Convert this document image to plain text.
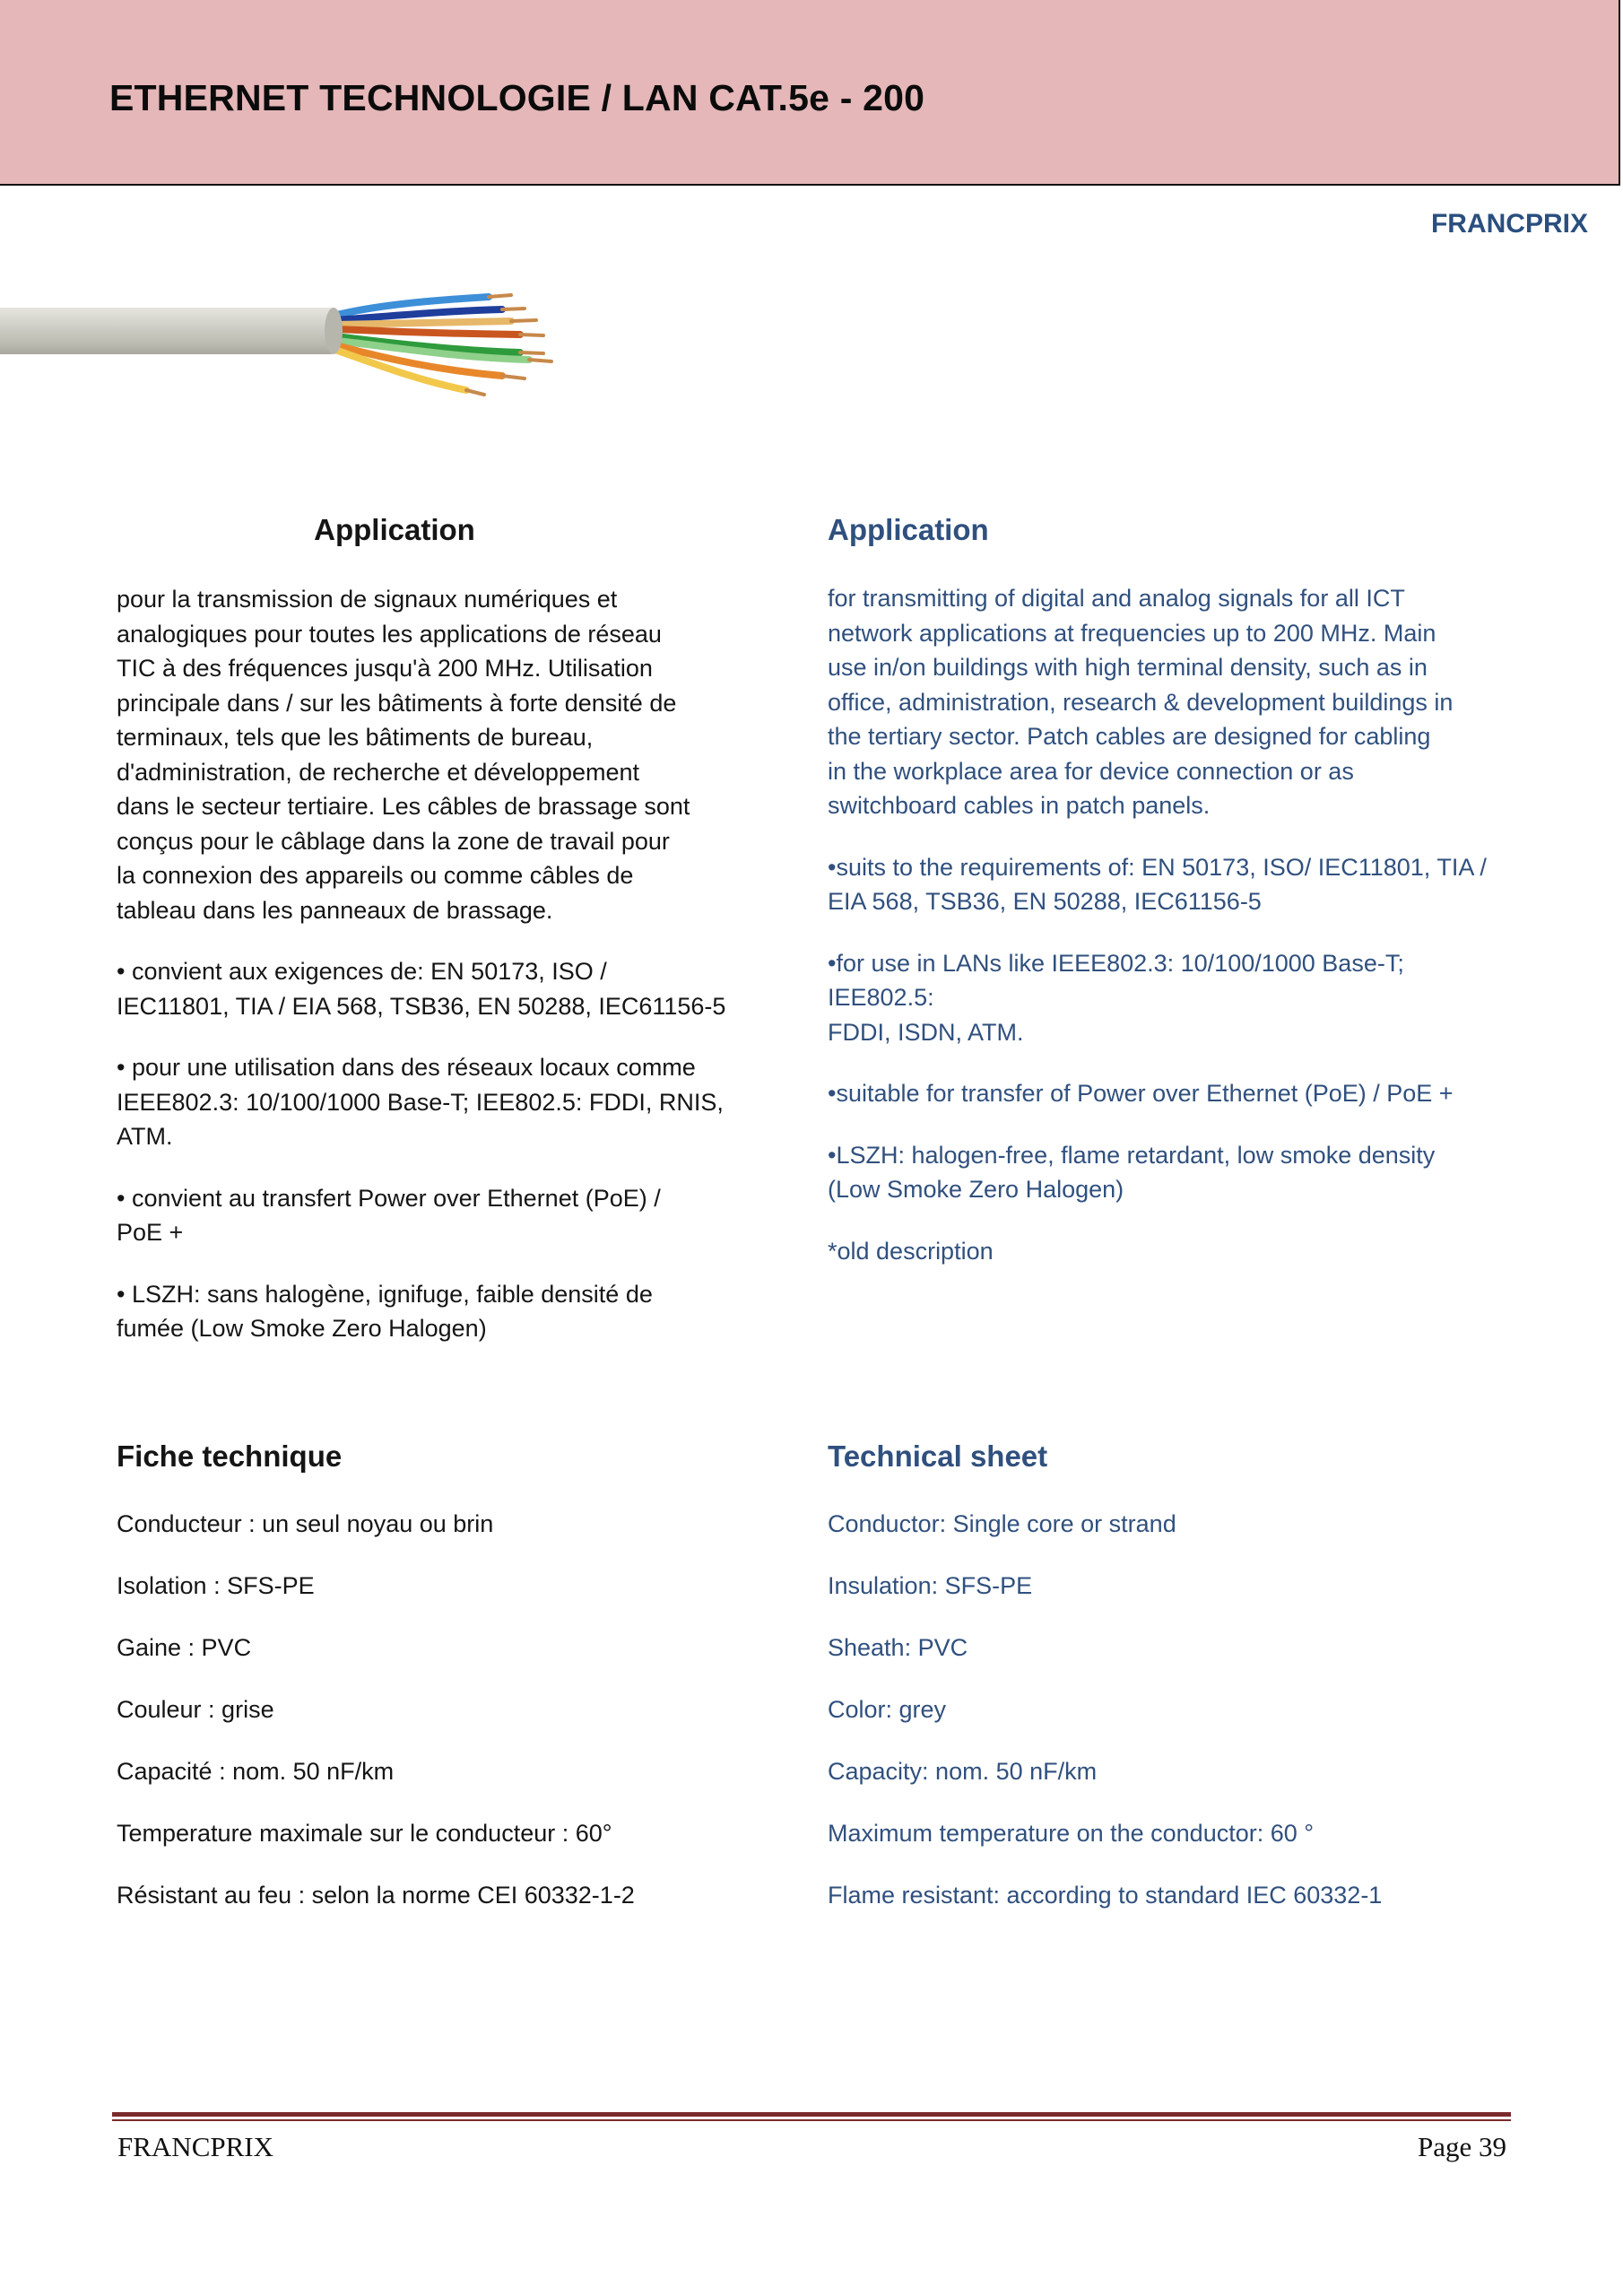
ETHERNET TECHNOLOGIE / LAN CAT.5e - 200
FRANCPRIX
Application

pour la transmission de signaux numériques et

analogiques pour toutes les applications de réseau

TIC à des fréquences jusqu'à 200 MHz. Utilisation

principale dans / sur les bâtiments à forte densité de

terminaux, tels que les bâtiments de bureau,

d'administration, de recherche et développement

dans le secteur tertiaire. Les câbles de brassage sont

conçus pour le câblage dans la zone de travail pour

la connexion des appareils ou comme câbles de

tableau dans les panneaux de brassage.

• convient aux exigences de: EN 50173, ISO /

IEC11801, TIA / EIA 568, TSB36, EN 50288, IEC61156-5

• pour une utilisation dans des réseaux locaux comme

IEEE802.3: 10/100/1000 Base-T; IEE802.5: FDDI, RNIS,

ATM.

• convient au transfert Power over Ethernet (PoE) /

PoE +

• LSZH: sans halogène, ignifuge, faible densité de

fumée (Low Smoke Zero Halogen)

Application

for transmitting of digital and analog signals for all ICT

network applications at frequencies up to 200 MHz. Main

use in/on buildings with high terminal density, such as in

office, administration, research & development buildings in

the tertiary sector. Patch cables are designed for cabling

in the workplace area for device connection or as

switchboard cables in patch panels.

•suits to the requirements of: EN 50173, ISO/ IEC11801, TIA /

EIA 568, TSB36, EN 50288, IEC61156-5

•for use in LANs like IEEE802.3: 10/100/1000 Base-T; IEE802.5:

FDDI, ISDN, ATM.

•suitable for transfer of Power over Ethernet (PoE) / PoE +

•LSZH: halogen-free, flame retardant, low smoke density

(Low Smoke Zero Halogen)

*old description

Fiche technique

Conducteur : un seul noyau ou brin

Isolation : SFS-PE

Gaine : PVC

Couleur : grise

Capacité : nom. 50 nF/km

Temperature maximale sur le conducteur : 60°

Résistant au feu : selon la norme CEI 60332-1-2

Technical sheet

Conductor: Single core or strand

Insulation: SFS-PE

Sheath: PVC

Color: grey

Capacity: nom. 50 nF/km

Maximum temperature on the conductor: 60 °

Flame resistant: according to standard IEC 60332-1

FRANCPRIX	Page 39
